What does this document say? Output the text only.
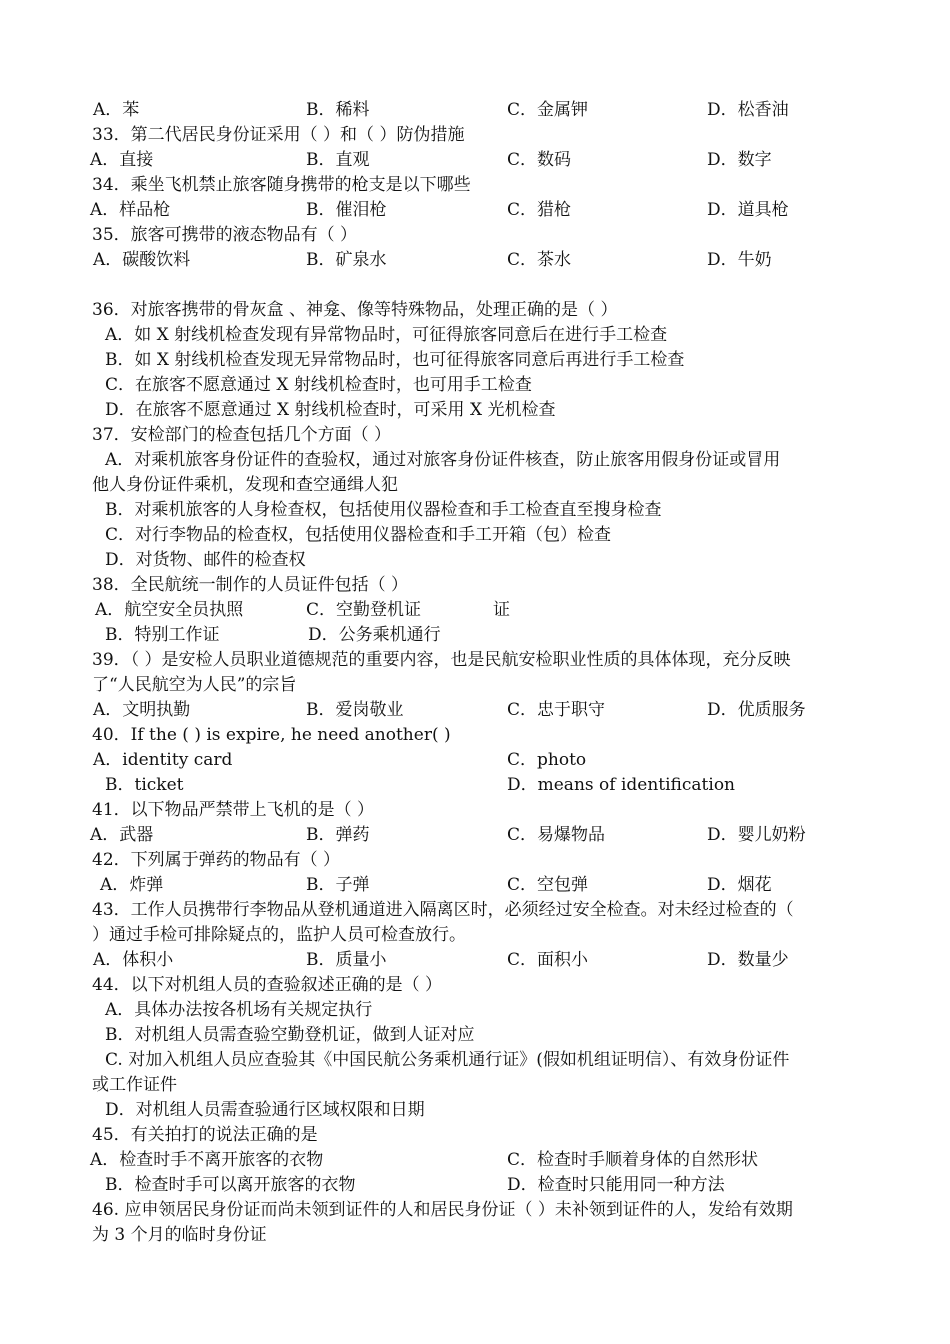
A．苯	B．稀料	C．金属钾	D．松香油
33．第二代居民身份证采用（ ）和（ ）防伪措施
A．直接	B．直观	C．数码	D．数字
34．乘坐飞机禁止旅客随身携带的枪支是以下哪些
A．样品枪	B．催泪枪	C．猎枪	D．道具枪
35．旅客可携带的液态物品有（ ）
A．碳酸饮料	B．矿泉水	C．茶水	D．牛奶
36．对旅客携带的骨灰盒 、神龛、像等特殊物品，处理正确的是（ ）
A．如 X 射线机检查发现有异常物品时，可征得旅客同意后在进行手工检查
B．如 X 射线机检查发现无异常物品时，也可征得旅客同意后再进行手工检查
C．在旅客不愿意通过 X 射线机检查时，也可用手工检查
D．在旅客不愿意通过 X 射线机检查时，可采用 X 光机检查
37．安检部门的检查包括几个方面（ ）
A．对乘机旅客身份证件的查验权，通过对旅客身份证件核查，防止旅客用假身份证或冒用
他人身份证件乘机，发现和查空通缉人犯
B．对乘机旅客的人身检查权，包括使用仪器检查和手工检查直至搜身检查
C．对行李物品的检查权，包括使用仪器检查和手工开箱（包）检查
D．对货物、邮件的检查权
38．全民航统一制作的人员证件包括（ ）
A．航空安全员执照	C．空勤登机证	证
B．特别工作证	D．公务乘机通行
39．（ ）是安检人员职业道德规范的重要内容，也是民航安检职业性质的具体体现，充分反映
了“人民航空为人民”的宗旨
A．文明执勤	B．爱岗敬业	C．忠于职守	D．优质服务
40．If the ( ) is expire, he need another( )
A．identity card	C．photo
B．ticket	D．means of identification
41．以下物品严禁带上飞机的是（ ）
A．武器	B．弹药	C．易爆物品	D．婴儿奶粉
42．下列属于弹药的物品有（ ）
A．炸弹	B．子弹	C．空包弹	D．烟花
43．工作人员携带行李物品从登机通道进入隔离区时，必须经过安全检查。对未经过检查的（
）通过手检可排除疑点的，监护人员可检查放行。
A．体积小	B．质量小	C．面积小	D．数量少
44．以下对机组人员的查验叙述正确的是（ ）
A．具体办法按各机场有关规定执行
B．对机组人员需查验空勤登机证，做到人证对应
C. 对加入机组人员应查验其《中国民航公务乘机通行证》(假如机组证明信）、有效身份证件
或工作证件
D．对机组人员需查验通行区域权限和日期
45．有关拍打的说法正确的是
A．检查时手不离开旅客的衣物	C．检查时手顺着身体的自然形状
B．检查时手可以离开旅客的衣物	D．检查时只能用同一种方法
46. 应申领居民身份证而尚未领到证件的人和居民身份证（ ）未补领到证件的人，发给有效期
为 3 个月的临时身份证
